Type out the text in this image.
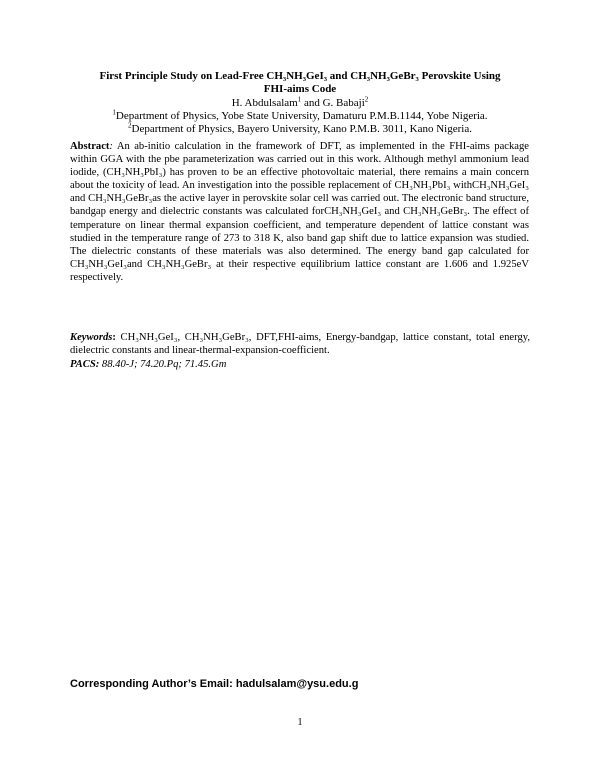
First Principle Study on Lead-Free CH₃NH₃GeI₃ and CH₃NH₃GeBr₃ Perovskite Using
FHI-aims Code
H. Abdulsalam$^1$ and G. Babaji$^2$
$^1$Department of Physics, Yobe State University, Damaturu P.M.B.1144, Yobe Nigeria.
$^2$Department of Physics, Bayero University, Kano P.M.B. 3011, Kano Nigeria.
Abstract: An ab-initio calculation in the framework of DFT, as implemented in the FHI-aims package within GGA with the pbe parameterization was carried out in this work. Although methyl ammonium lead iodide, (CH₃NH₃PbI₃) has proven to be an effective photovoltaic material, there remains a main concern about the toxicity of lead. An investigation into the possible replacement of CH₃NH₃PbI₃ withCH₃NH₃GeI₃ and CH₃NH₃GeBr₃as the active layer in perovskite solar cell was carried out. The electronic band structure, bandgap energy and dielectric constants was calculated forCH₃NH₃GeI₃ and CH₃NH₃GeBr₃. The effect of temperature on linear thermal expansion coefficient, and temperature dependent of lattice constant was studied in the temperature range of 273 to 318 K, also band gap shift due to lattice expansion was studied. The dielectric constants of these materials was also determined. The energy band gap calculated for CH₃NH₃GeI₃and CH₃NH₃GeBr₃ at their respective equilibrium lattice constant are 1.606 and 1.925eV respectively.
Keywords: CH₃NH₃GeI₃, CH₃NH₃GeBr₃, DFT,FHI-aims, Energy-bandgap, lattice constant, total energy, dielectric constants and linear-thermal-expansion-coefficient.
PACS: 88.40-J; 74.20.Pq; 71.45.Gm
Corresponding Author’s Email: hadulsalam@ysu.edu.g
1
